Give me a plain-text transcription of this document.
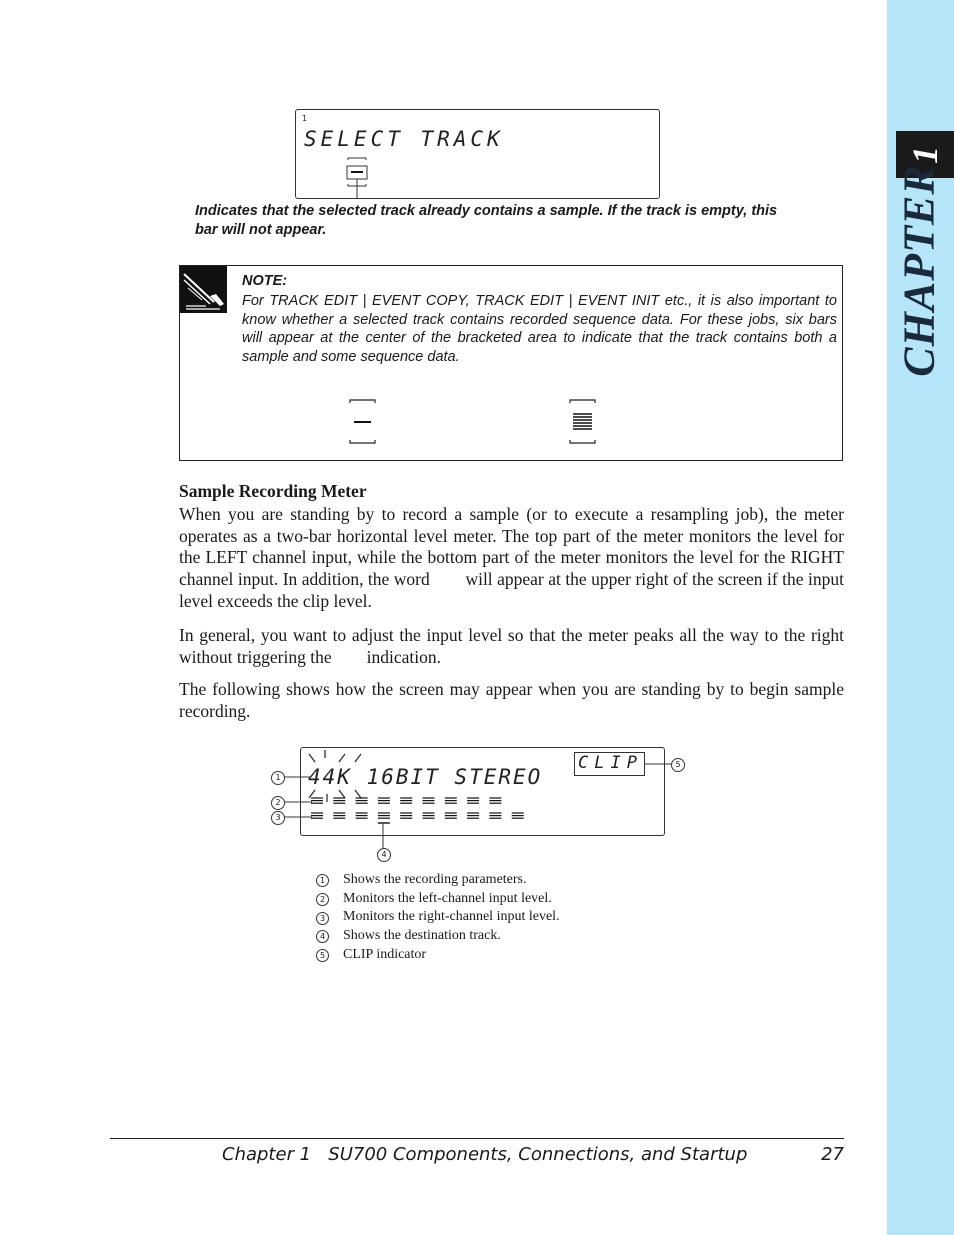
1
CHAPTER
1
SELECT TRACK
Indicates that the selected track already contains a sample. If the track is empty, this bar will not appear.
NOTE:
For TRACK EDIT | EVENT COPY, TRACK EDIT | EVENT INIT etc., it is also important to know whether a selected track contains recorded sequence data. For these jobs, six bars will appear at the center of the bracketed area to indicate that the track contains both a sample and some sequence data.
Sample Recording Meter
When you are standing by to record a sample (or to execute a resampling job), the meter operates as a two-bar horizontal level meter. The top part of the meter monitors the level for the LEFT channel input, while the bottom part of the meter monitors the level for the RIGHT channel input. In addition, the word        will appear at the upper right of the screen if the input level exceeds the clip level.
In general, you want to adjust the input level so that the meter peaks all the way to the right without triggering the        indication.
The following shows how the screen may appear when you are standing by to begin sample recording.
44K 16BIT STEREO
CLIP
1
2
3
4
5
1 Shows the recording parameters.
2 Monitors the left-channel input level.
3 Monitors the right-channel input level.
4 Shows the destination track.
5 CLIP indicator
Chapter 1   SU700 Components, Connections, and Startup	27
